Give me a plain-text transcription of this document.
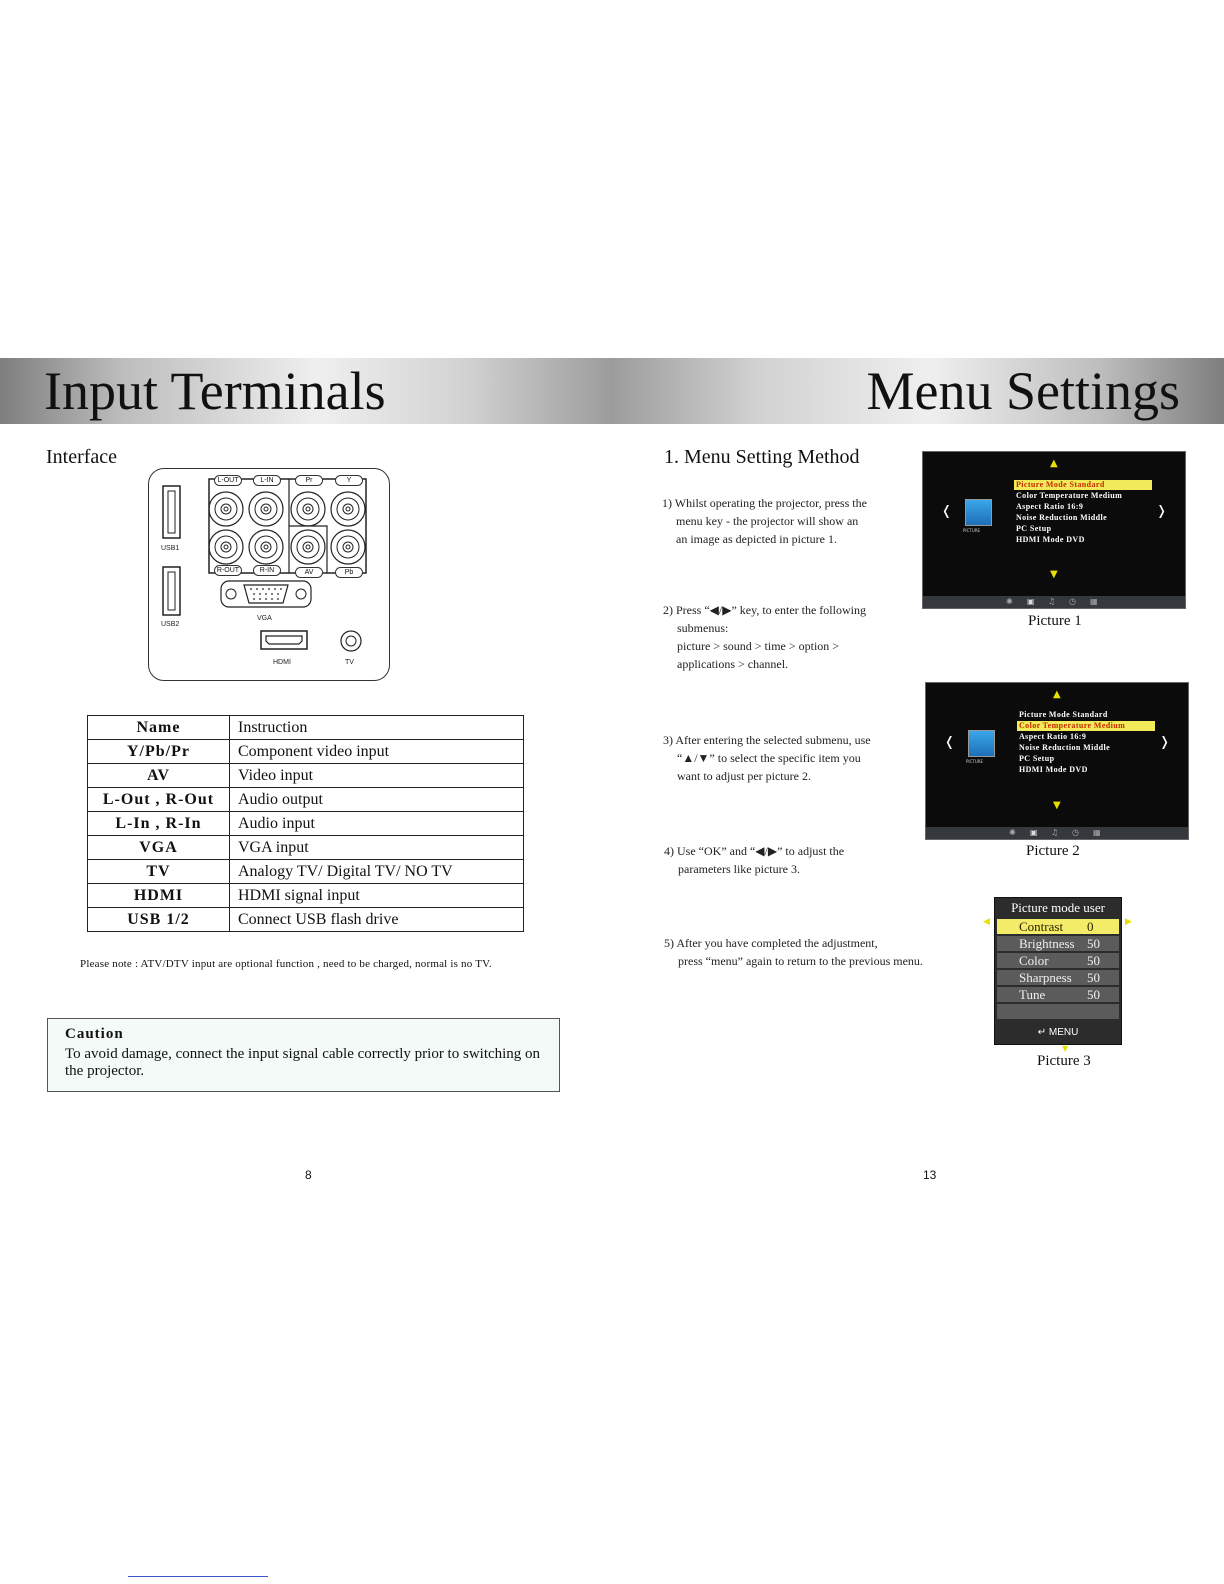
Input Terminals	Menu Settings
Interface
L-OUT	L-IN	Pr	Y
R-OUT	R-IN	AV	Pb
USB1
USB2
VGA
HDMI	TV
Name	Instruction
Y/Pb/Pr	Component video input
AV	Video input
L-Out , R-Out	Audio output
L-In , R-In	Audio input
VGA	VGA input
TV	Analogy TV/ Digital TV/ NO TV
HDMI	HDMI signal input
USB 1/2	Connect USB flash drive
Please note : ATV/DTV input are optional function , need to be charged, normal is no TV.
Caution
To avoid damage, connect the input signal cable correctly prior to switching on the projector.
8
1. Menu Setting Method
1) Whilst operating the projector, press the
menu key - the projector will show an
an image as depicted in picture 1.
2) Press “◀/▶” key, to enter the following
submenus:
picture > sound > time > option >
applications > channel.
3) After entering the selected submenu, use
“▲/▼” to select the specific item you
want to adjust per picture 2.
4) Use “OK” and “◀/▶” to adjust the
parameters like picture 3.
5) After you have completed the adjustment,
press “menu” again to return to the previous menu.
▲
❬	❭
PICTURE
Picture Mode Standard
Color Temperature Medium
Aspect Ratio 16:9
Noise Reduction Middle
PC Setup
HDMI Mode DVD
▼
✺ ▣ ♫ ◷ ▦
Picture 1
▲
❬	❭
PICTURE
Picture Mode Standard
Color Temperature Medium
Aspect Ratio 16:9
Noise Reduction Middle
PC Setup
HDMI Mode DVD
▼
✺ ▣ ♫ ◷ ▦
Picture 2
Picture mode user
Contrast 0
Brightness 50
Color	50
Sharpness 50
Tune	50
↵ MENU
◀	▶
▼
Picture 3
13
